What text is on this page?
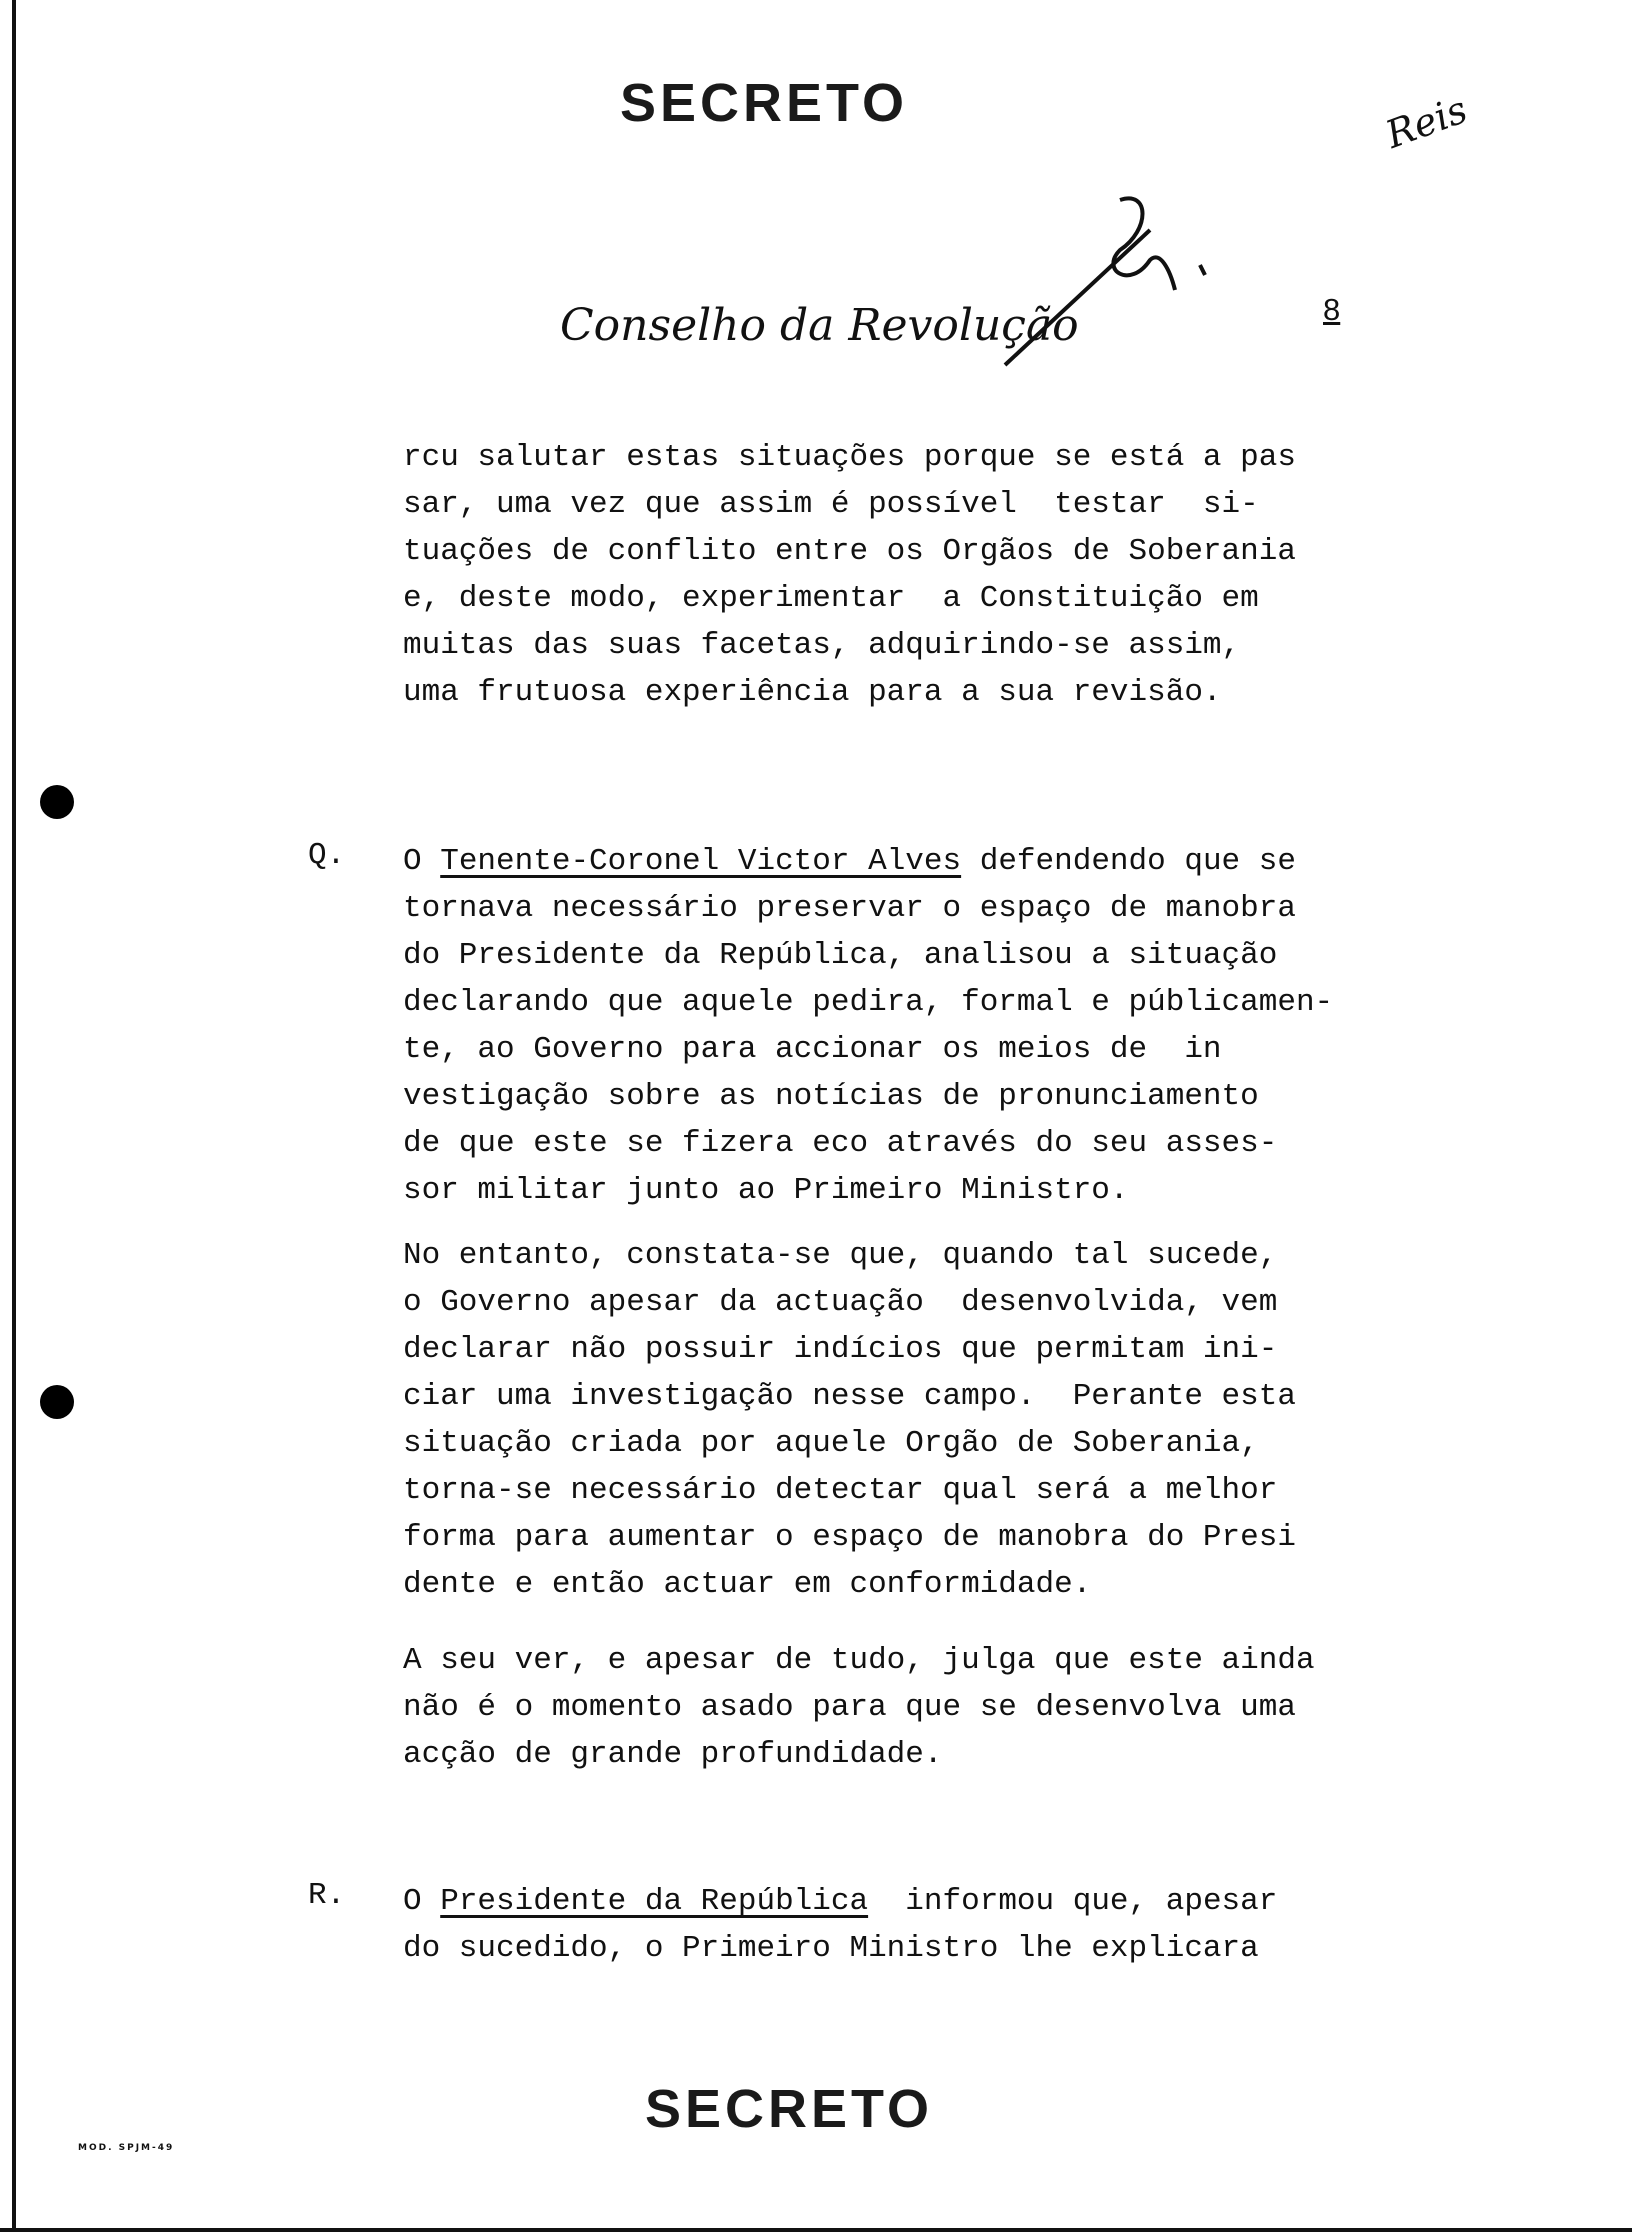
SECRETO	Reis
Conselho da Revolução	8
rcu salutar estas situações porque se está a pas
sar, uma vez que assim é possível  testar  si-
tuações de conflito entre os Orgãos de Soberania
e, deste modo, experimentar  a Constituição em
muitas das suas facetas, adquirindo-se assim,
uma frutuosa experiência para a sua revisão.
Q. O Tenente-Coronel Victor Alves defendendo que se
tornava necessário preservar o espaço de manobra
do Presidente da República, analisou a situação
declarando que aquele pedira, formal e públicamen-
te, ao Governo para accionar os meios de  in
vestigação sobre as notícias de pronunciamento
de que este se fizera eco através do seu asses-
sor militar junto ao Primeiro Ministro.
No entanto, constata-se que, quando tal sucede,
o Governo apesar da actuação  desenvolvida, vem
declarar não possuir indícios que permitam ini-
ciar uma investigação nesse campo.  Perante esta
situação criada por aquele Orgão de Soberania,
torna-se necessário detectar qual será a melhor
forma para aumentar o espaço de manobra do Presi
dente e então actuar em conformidade.
A seu ver, e apesar de tudo, julga que este ainda
não é o momento asado para que se desenvolva uma
acção de grande profundidade.
R. O Presidente da República  informou que, apesar
do sucedido, o Primeiro Ministro lhe explicara
SECRETO
MOD. SPJM-49
